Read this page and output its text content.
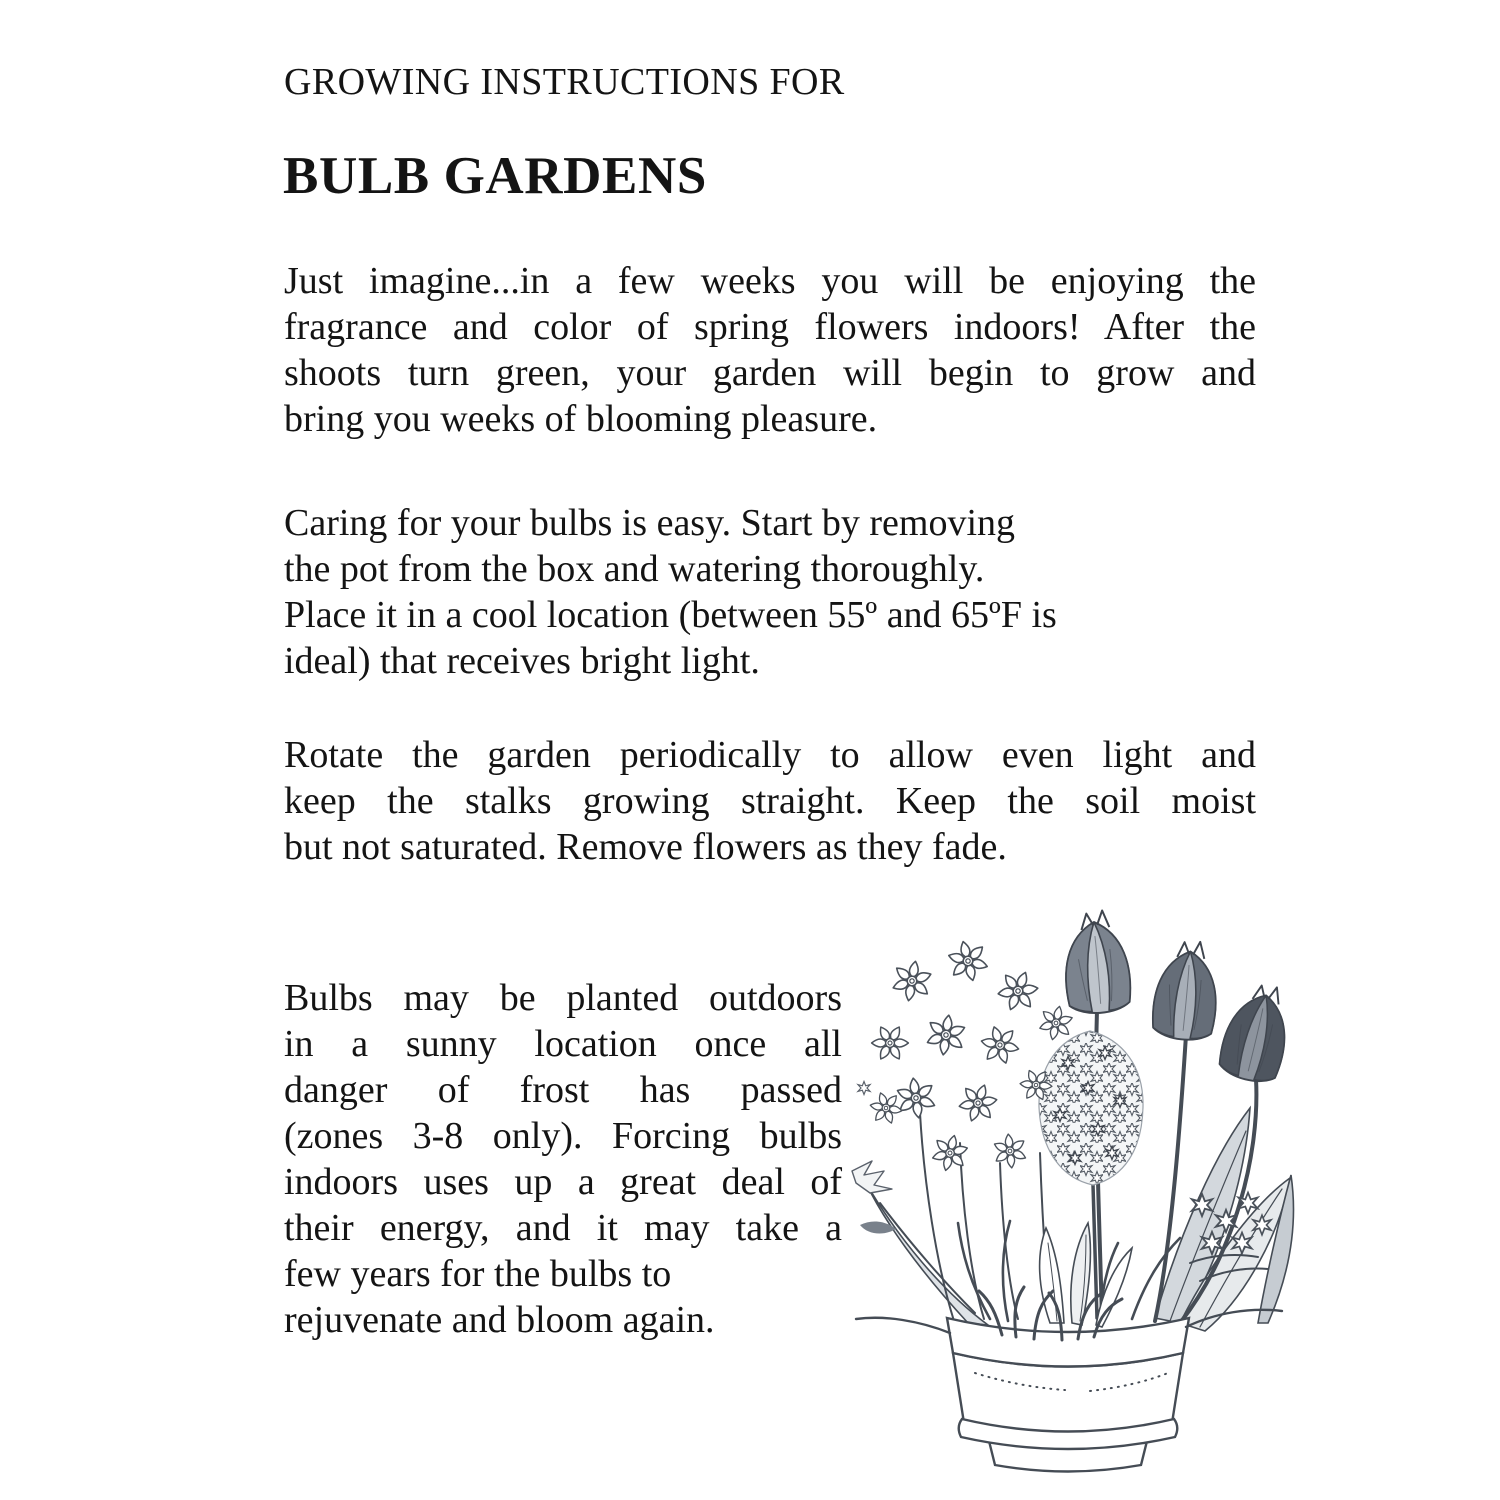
GROWING INSTRUCTIONS FOR
BULB GARDENS
Just imagine...in a few weeks you will be enjoying the
fragrance and color of spring flowers indoors! After the
shoots turn green, your garden will begin to grow and
bring you weeks of blooming pleasure.
Caring for your bulbs is easy. Start by removing
the pot from the box and watering thoroughly.
Place it in a cool location (between 55º and 65ºF is
ideal) that receives bright light.
Rotate the garden periodically to allow even light and
keep the stalks growing straight. Keep the soil moist
but not saturated. Remove flowers as they fade.
Bulbs may be planted outdoors
in a sunny location once all
danger of frost has passed
(zones 3-8 only). Forcing bulbs
indoors uses up a great deal of
their energy, and it may take a
few years for the bulbs to
rejuvenate and bloom again.
